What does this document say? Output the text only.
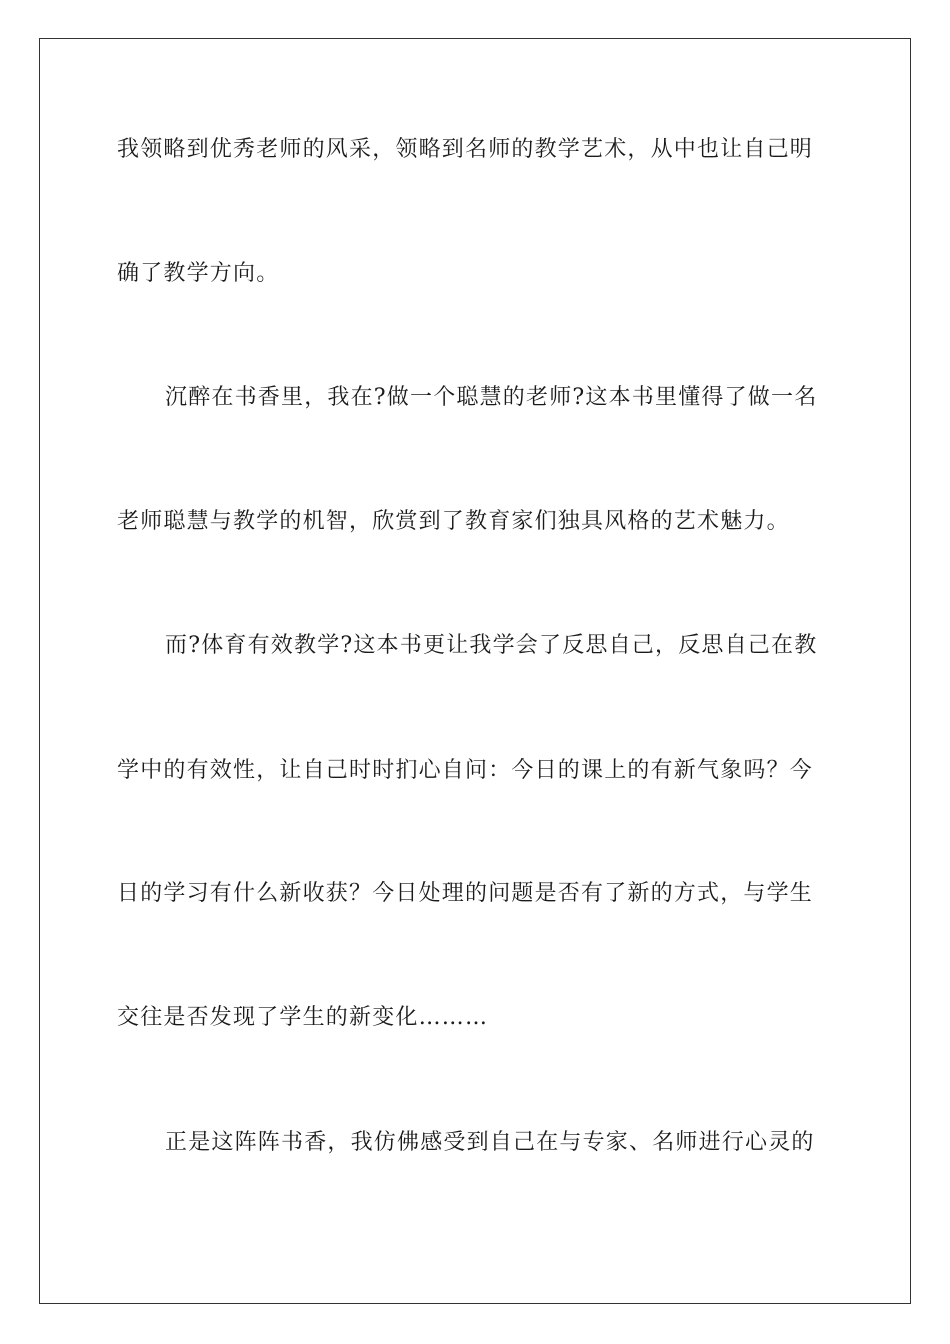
我领略到优秀老师的风采，领略到名师的教学艺术，从中也让自己明
确了教学方向。
沉醉在书香里，我在?做一个聪慧的老师?这本书里懂得了做一名
老师聪慧与教学的机智，欣赏到了教育家们独具风格的艺术魅力。
而?体育有效教学?这本书更让我学会了反思自己，反思自己在教
学中的有效性，让自己时时扪心自问：今日的课上的有新气象吗？今
日的学习有什么新收获？今日处理的问题是否有了新的方式，与学生
交往是否发现了学生的新变化………
正是这阵阵书香，我仿佛感受到自己在与专家、名师进行心灵的
